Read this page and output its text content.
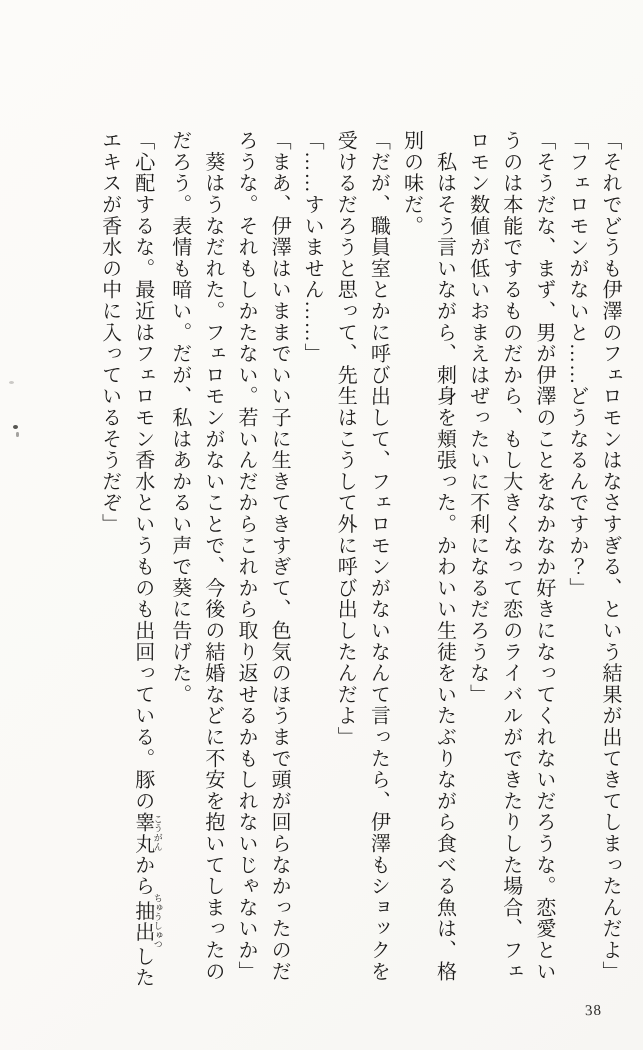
「それでどうも伊澤のフェロモンはなさすぎる、という結果が出てきてしまったんだよ」
「フェロモンがないと……どうなるんですか？」
「そうだな、まず、男が伊澤のことをなかなか好きになってくれないだろうな。恋愛とい
うのは本能でするものだから、もし大きくなって恋のライバルができたりした場合、フェ
ロモン数値が低いおまえはぜったいに不利になるだろうな」
　私はそう言いながら、刺身を頬張った。かわいい生徒をいたぶりながら食べる魚は、格
別の味だ。
「だが、職員室とかに呼び出して、フェロモンがないなんて言ったら、伊澤もショックを
受けるだろうと思って、先生はこうして外に呼び出したんだよ」
「……すいません……」
「まあ、伊澤はいままでいい子に生きてきすぎて、色気のほうまで頭が回らなかったのだ
ろうな。それもしかたない。若いんだからこれから取り返せるかもしれないじゃないか」
　葵はうなだれた。フェロモンがないことで、今後の結婚などに不安を抱いてしまったの
だろう。表情も暗い。だが、私はあかるい声で葵に告げた。
「心配するな。最近はフェロモン香水というものも出回っている。豚の睾丸 こうがんから抽出 ちゅうしゅつした
エキスが香水の中に入っているそうだぞ」
38
